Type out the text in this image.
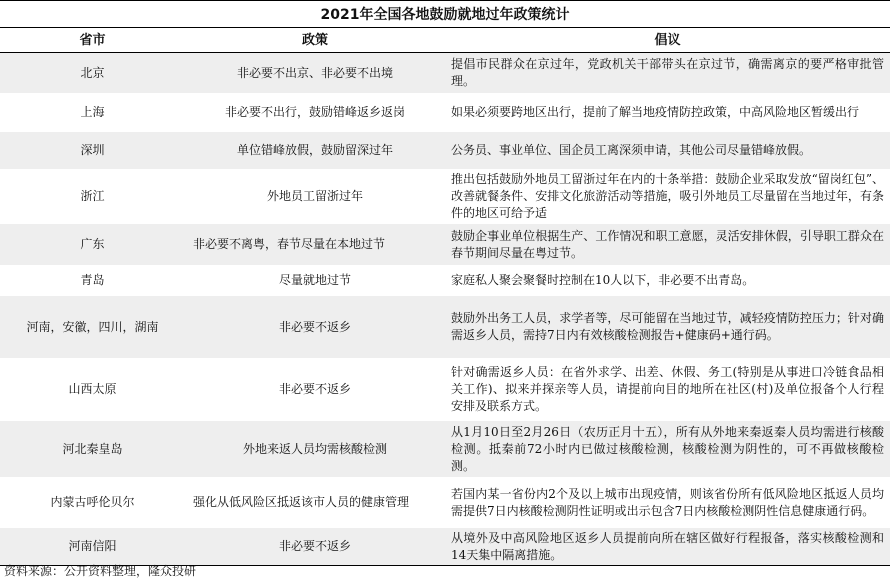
2021年全国各地鼓励就地过年政策统计
省市	政策	倡议
北京	非必要不出京、非必要不出境	提倡市民群众在京过年，党政机关干部带头在京过节，确需离京的要严格审批管理。
上海	非必要不出行，鼓励错峰返乡返岗	如果必须要跨地区出行，提前了解当地疫情防控政策，中高风险地区暂缓出行
深圳	单位错峰放假，鼓励留深过年	公务员、事业单位、国企员工离深须申请，其他公司尽量错峰放假。
浙江	外地员工留浙过年	推出包括鼓励外地员工留浙过年在内的十条举措：鼓励企业采取发放“留岗红包”、改善就餐条件、安排文化旅游活动等措施，吸引外地员工尽量留在当地过年，有条件的地区可给予适
广东	非必要不离粤，春节尽量在本地过节	鼓励企事业单位根据生产、工作情况和职工意愿，灵活安排休假，引导职工群众在春节期间尽量在粤过节。
青岛	尽量就地过节	家庭私人聚会聚餐时控制在10人以下，非必要不出青岛。
河南，安徽，四川，湖南	非必要不返乡	鼓励外出务工人员，求学者等，尽可能留在当地过节，减轻疫情防控压力；针对确需返乡人员，需持7日内有效核酸检测报告+健康码+通行码。
山西太原	非必要不返乡	针对确需返乡人员：在省外求学、出差、休假、务工(特别是从事进口冷链食品相关工作)、拟来并探亲等人员，请提前向目的地所在社区(村)及单位报备个人行程安排及联系方式。
河北秦皇岛	外地来返人员均需核酸检测	从1月10日至2月26日（农历正月十五），所有从外地来秦返秦人员均需进行核酸检测。抵秦前72小时内已做过核酸检测，核酸检测为阴性的，可不再做核酸检测。
内蒙古呼伦贝尔	强化从低风险区抵返该市人员的健康管理	若国内某一省份内2个及以上城市出现疫情，则该省份所有低风险地区抵返人员均需提供7日内核酸检测阴性证明或出示包含7日内核酸检测阴性信息健康通行码。
河南信阳	非必要不返乡	从境外及中高风险地区返乡人员提前向所在辖区做好行程报备，落实核酸检测和14天集中隔离措施。
资料来源：公开资料整理，隆众投研
